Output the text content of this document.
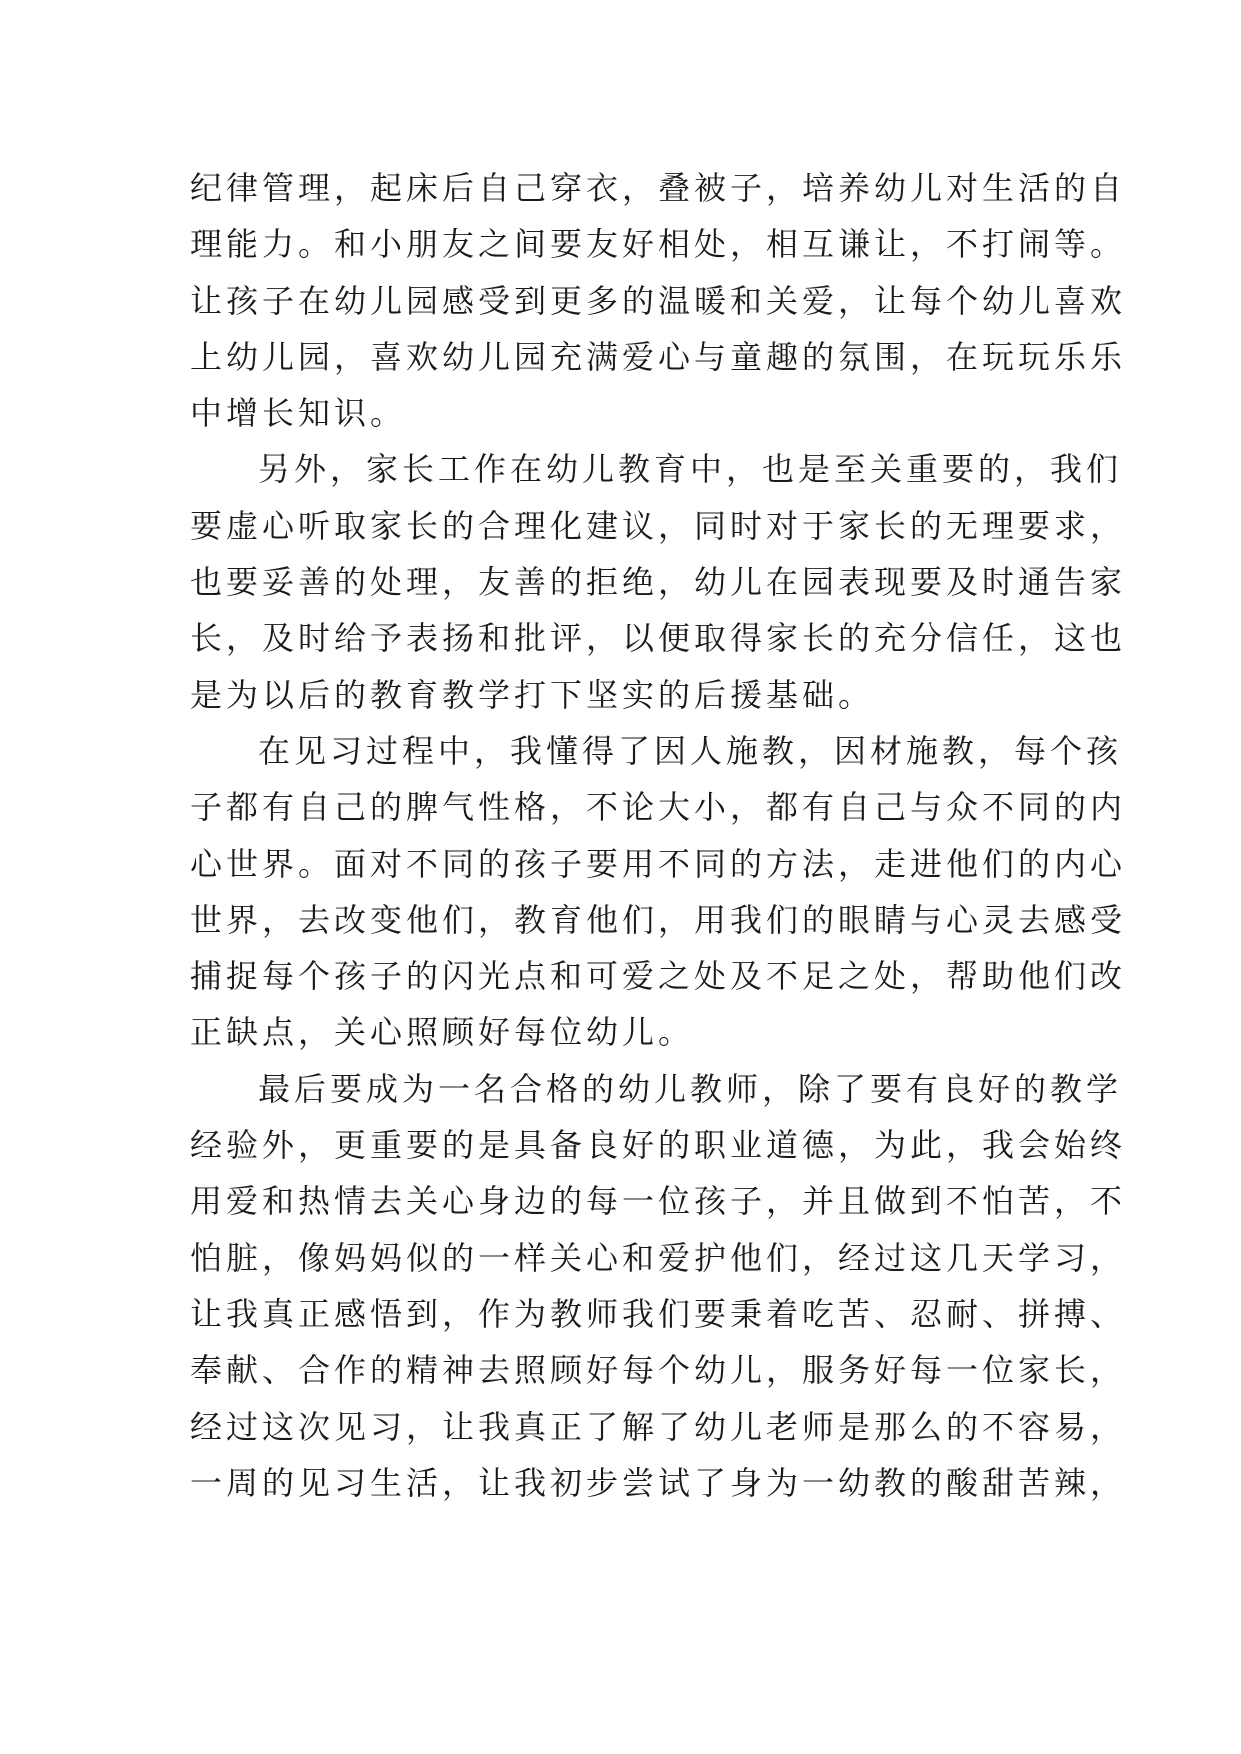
纪律管理，起床后自己穿衣，叠被子，培养幼儿对生活的自
理能力。和小朋友之间要友好相处，相互谦让，不打闹等。
让孩子在幼儿园感受到更多的温暖和关爱，让每个幼儿喜欢
上幼儿园，喜欢幼儿园充满爱心与童趣的氛围，在玩玩乐乐
中增长知识。
另外，家长工作在幼儿教育中，也是至关重要的，我们
要虚心听取家长的合理化建议，同时对于家长的无理要求，
也要妥善的处理，友善的拒绝，幼儿在园表现要及时通告家
长，及时给予表扬和批评，以便取得家长的充分信任，这也
是为以后的教育教学打下坚实的后援基础。
在见习过程中，我懂得了因人施教，因材施教，每个孩
子都有自己的脾气性格，不论大小，都有自己与众不同的内
心世界。面对不同的孩子要用不同的方法，走进他们的内心
世界，去改变他们，教育他们，用我们的眼睛与心灵去感受
捕捉每个孩子的闪光点和可爱之处及不足之处，帮助他们改
正缺点，关心照顾好每位幼儿。
最后要成为一名合格的幼儿教师，除了要有良好的教学
经验外，更重要的是具备良好的职业道德，为此，我会始终
用爱和热情去关心身边的每一位孩子，并且做到不怕苦，不
怕脏，像妈妈似的一样关心和爱护他们，经过这几天学习，
让我真正感悟到，作为教师我们要秉着吃苦、忍耐、拼搏、
奉献、合作的精神去照顾好每个幼儿，服务好每一位家长，
经过这次见习，让我真正了解了幼儿老师是那么的不容易，
一周的见习生活，让我初步尝试了身为一幼教的酸甜苦辣，
